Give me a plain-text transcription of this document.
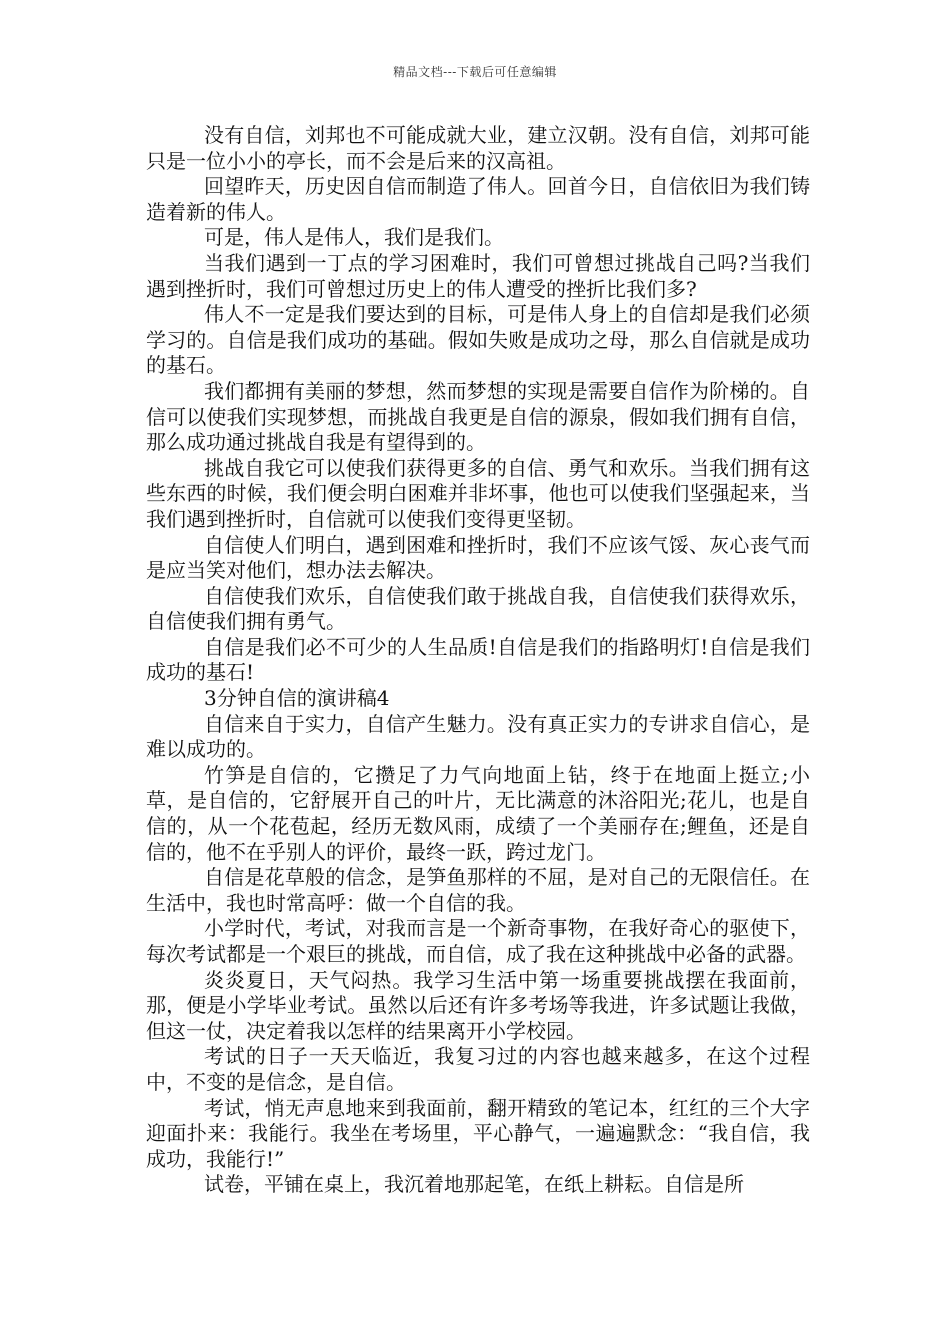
精品文档---下载后可任意编辑

没有自信，刘邦也不可能成就大业，建立汉朝。没有自信，刘邦可能只是一位小小的亭长，而不会是后来的汉高祖。

回望昨天，历史因自信而制造了伟人。回首今日，自信依旧为我们铸造着新的伟人。

可是，伟人是伟人，我们是我们。

当我们遇到一丁点的学习困难时，我们可曾想过挑战自己吗?当我们遇到挫折时，我们可曾想过历史上的伟人遭受的挫折比我们多?

伟人不一定是我们要达到的目标，可是伟人身上的自信却是我们必须学习的。自信是我们成功的基础。假如失败是成功之母，那么自信就是成功的基石。

我们都拥有美丽的梦想，然而梦想的实现是需要自信作为阶梯的。自信可以使我们实现梦想，而挑战自我更是自信的源泉，假如我们拥有自信，那么成功通过挑战自我是有望得到的。

挑战自我它可以使我们获得更多的自信、勇气和欢乐。当我们拥有这些东西的时候，我们便会明白困难并非坏事，他也可以使我们坚强起来，当我们遇到挫折时，自信就可以使我们变得更坚韧。

自信使人们明白，遇到困难和挫折时，我们不应该气馁、灰心丧气而是应当笑对他们，想办法去解决。

自信使我们欢乐，自信使我们敢于挑战自我，自信使我们获得欢乐，自信使我们拥有勇气。

自信是我们必不可少的人生品质!自信是我们的指路明灯!自信是我们成功的基石!

3分钟自信的演讲稿4

自信来自于实力，自信产生魅力。没有真正实力的专讲求自信心，是难以成功的。

竹笋是自信的，它攒足了力气向地面上钻，终于在地面上挺立;小草，是自信的，它舒展开自己的叶片，无比满意的沐浴阳光;花儿，也是自信的，从一个花苞起，经历无数风雨，成绩了一个美丽存在;鲤鱼，还是自信的，他不在乎别人的评价，最终一跃，跨过龙门。

自信是花草般的信念，是笋鱼那样的不屈，是对自己的无限信任。在生活中，我也时常高呼：做一个自信的我。

小学时代，考试，对我而言是一个新奇事物，在我好奇心的驱使下，每次考试都是一个艰巨的挑战，而自信，成了我在这种挑战中必备的武器。

炎炎夏日，天气闷热。我学习生活中第一场重要挑战摆在我面前，那，便是小学毕业考试。虽然以后还有许多考场等我进，许多试题让我做，但这一仗，决定着我以怎样的结果离开小学校园。

考试的日子一天天临近，我复习过的内容也越来越多，在这个过程中，不变的是信念，是自信。

考试，悄无声息地来到我面前，翻开精致的笔记本，红红的三个大字迎面扑来：我能行。我坐在考场里，平心静气，一遍遍默念：“我自信，我成功，我能行!”

试卷，平铺在桌上，我沉着地那起笔，在纸上耕耘。自信是所
